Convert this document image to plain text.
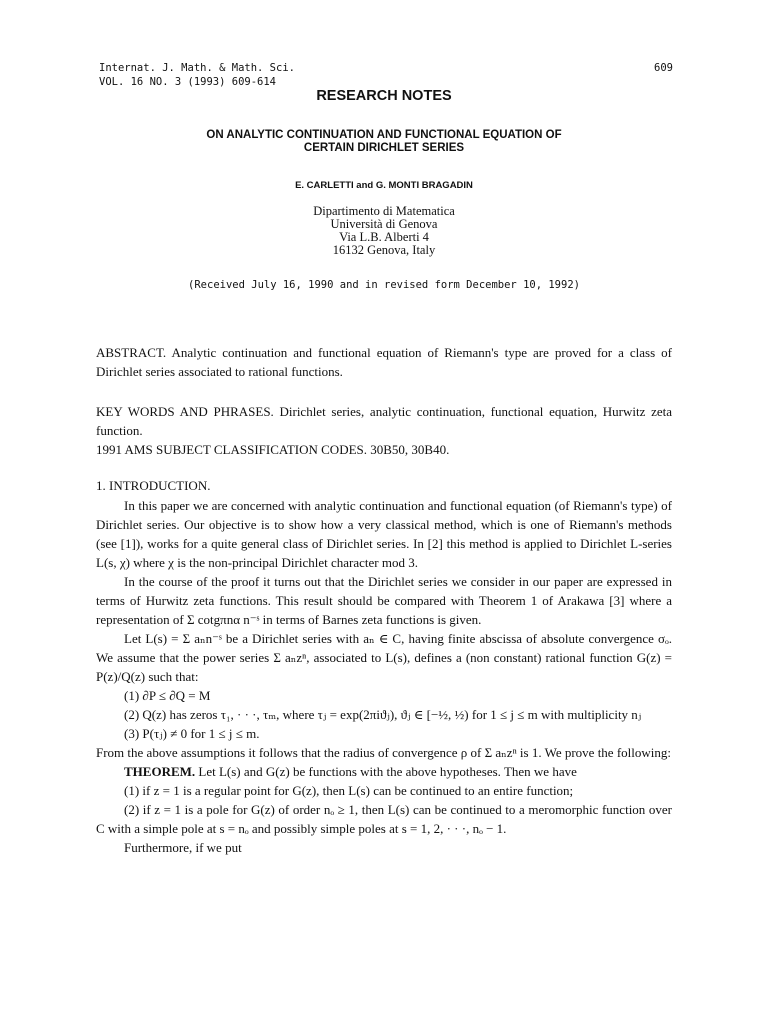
Internat. J. Math. & Math. Sci.
VOL. 16 NO. 3 (1993) 609-614
609
RESEARCH NOTES
ON ANALYTIC CONTINUATION AND FUNCTIONAL EQUATION OF
CERTAIN DIRICHLET SERIES
E. CARLETTI and G. MONTI BRAGADIN
Dipartimento di Matematica
Università di Genova
Via L.B. Alberti 4
16132 Genova, Italy
(Received July 16, 1990 and in revised form December 10, 1992)
ABSTRACT. Analytic continuation and functional equation of Riemann's type are proved for a class of Dirichlet series associated to rational functions.
KEY WORDS AND PHRASES. Dirichlet series, analytic continuation, functional equation, Hurwitz zeta function.
1991 AMS SUBJECT CLASSIFICATION CODES. 30B50, 30B40.
1. INTRODUCTION.

In this paper we are concerned with analytic continuation and functional equation (of Riemann's type) of Dirichlet series. Our objective is to show how a very classical method, which is one of Riemann's methods (see [1]), works for a quite general class of Dirichlet series. In [2] this method is applied to Dirichlet L-series L(s, χ) where χ is the non-principal Dirichlet character mod 3.

In the course of the proof it turns out that the Dirichlet series we consider in our paper are expressed in terms of Hurwitz zeta functions. This result should be compared with Theorem 1 of Arakawa [3] where a representation of Σ cotgπnα n⁻ˢ in terms of Barnes zeta functions is given.

Let L(s) = Σ aₙn⁻ˢ be a Dirichlet series with aₙ ∈ C, having finite abscissa of absolute convergence σₒ. We assume that the power series Σ aₙzⁿ, associated to L(s), defines a (non constant) rational function G(z) = P(z)/Q(z) such that:

(1) ∂P ≤ ∂Q = M

(2) Q(z) has zeros τ₁, · · ·, τₘ, where τⱼ = exp(2πiϑⱼ), ϑⱼ ∈ [−½, ½) for 1 ≤ j ≤ m with multiplicity nⱼ

(3) P(τⱼ) ≠ 0 for 1 ≤ j ≤ m.

From the above assumptions it follows that the radius of convergence ρ of Σ aₙzⁿ is 1. We prove the following:

THEOREM. Let L(s) and G(z) be functions with the above hypotheses. Then we have

(1) if z = 1 is a regular point for G(z), then L(s) can be continued to an entire function;

(2) if z = 1 is a pole for G(z) of order nₒ ≥ 1, then L(s) can be continued to a meromorphic function over C with a simple pole at s = nₒ and possibly simple poles at s = 1, 2, · · ·, nₒ − 1.

Furthermore, if we put
